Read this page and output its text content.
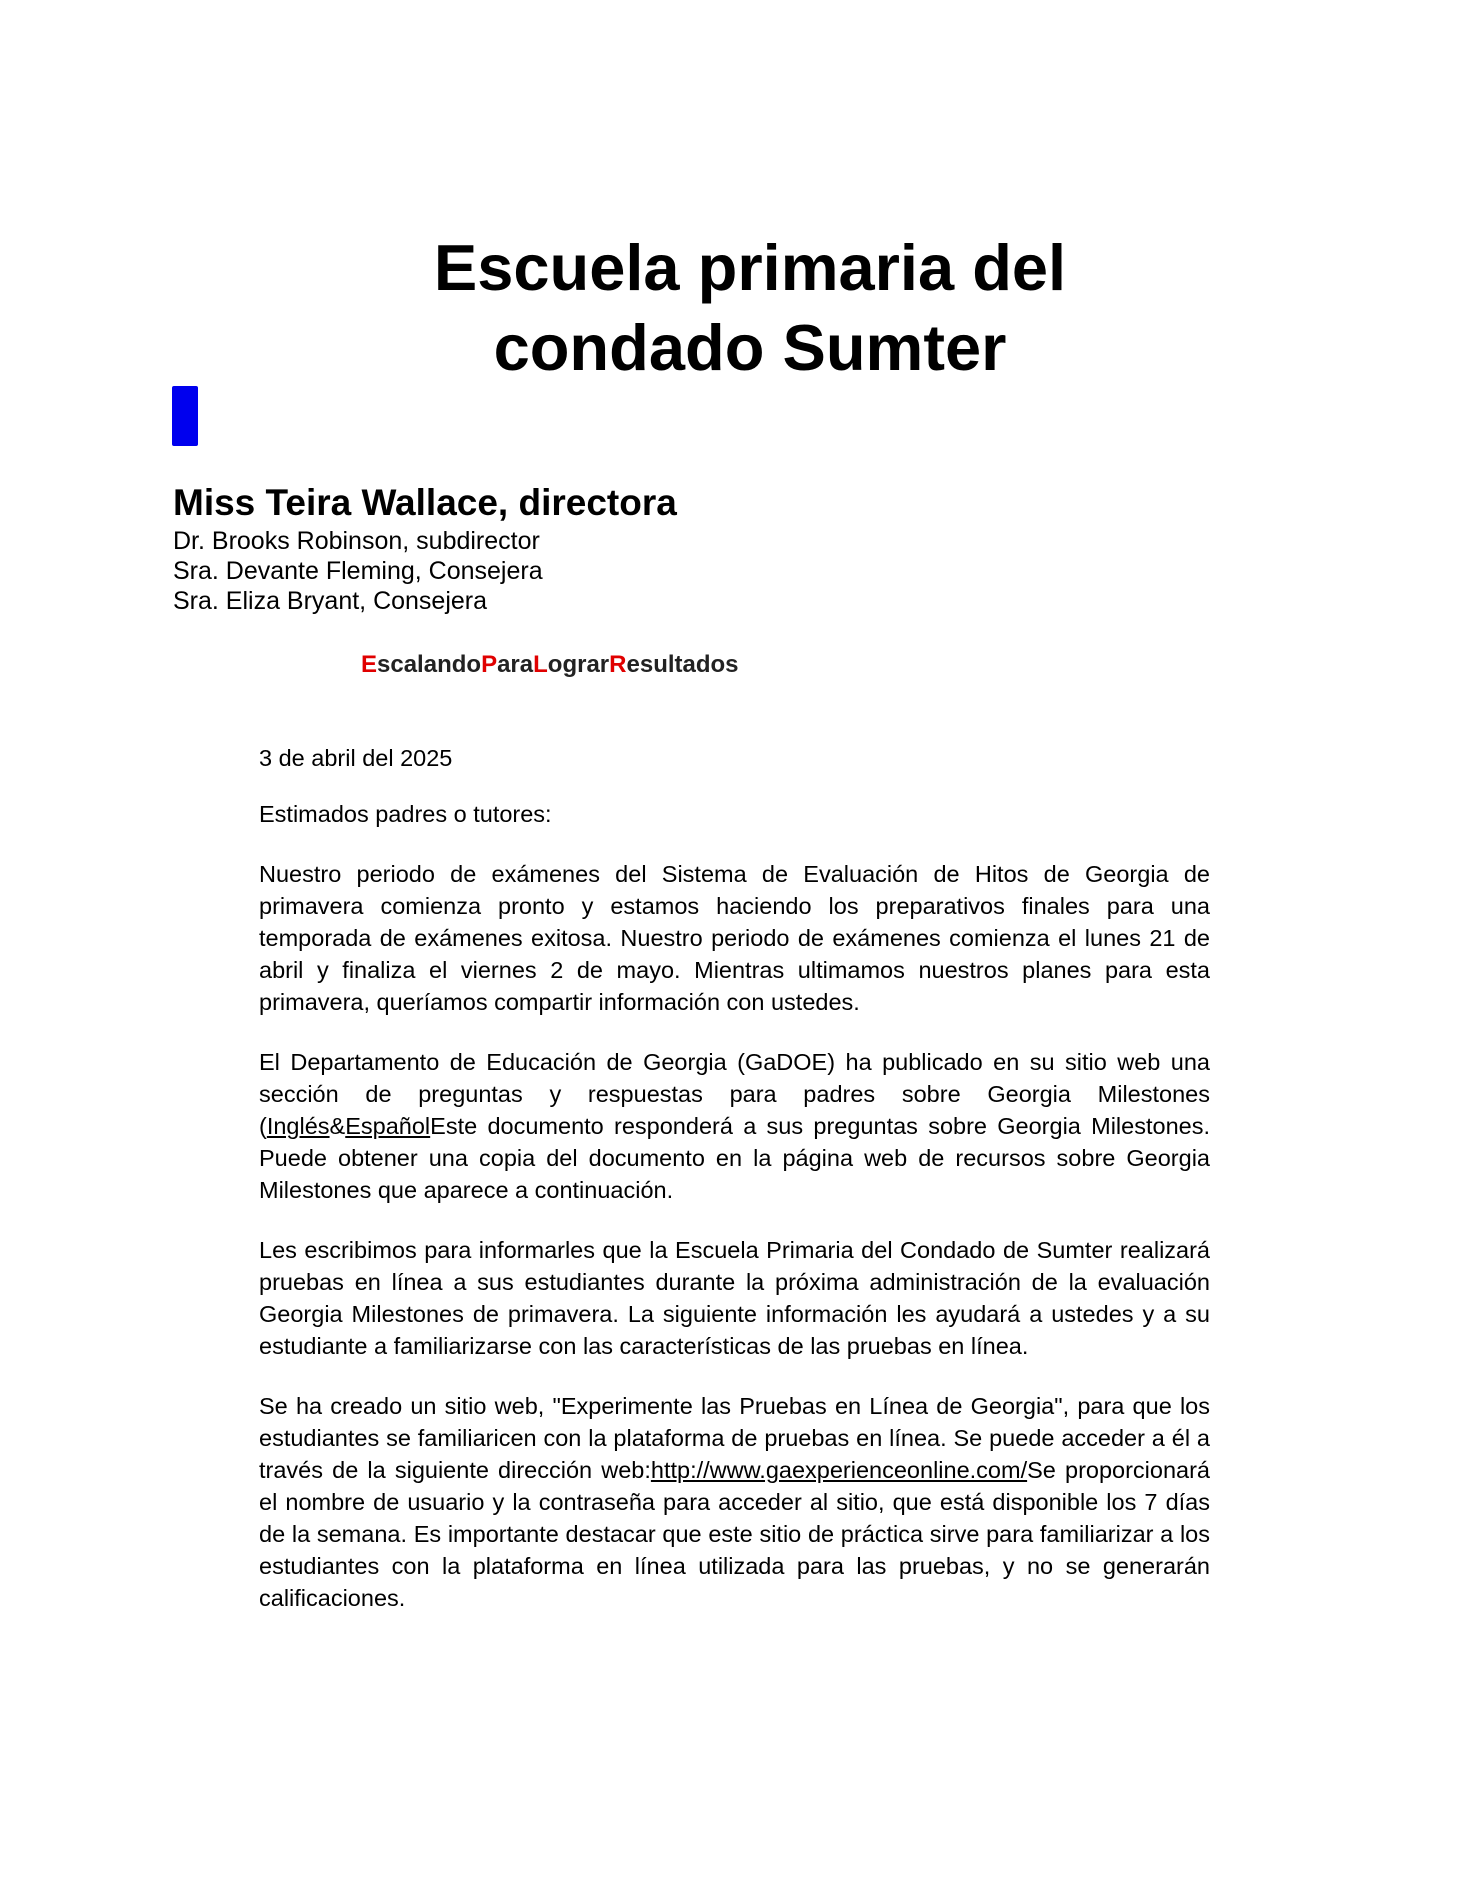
Escuela primaria del
condado Sumter

Miss Teira Wallace, directora

Dr. Brooks Robinson, subdirector

Sra. Devante Fleming, Consejera

Sra. Eliza Bryant, Consejera

EscalandoParaLograrResultados

3 de abril del 2025

Estimados padres o tutores:

Nuestro periodo de exámenes del Sistema de Evaluación de Hitos de Georgia de primavera comienza pronto y estamos haciendo los preparativos finales para una temporada de exámenes exitosa. Nuestro periodo de exámenes comienza el lunes 21 de abril y finaliza el viernes 2 de mayo. Mientras ultimamos nuestros planes para esta primavera, queríamos compartir información con ustedes.

El Departamento de Educación de Georgia (GaDOE) ha publicado en su sitio web una sección de preguntas y respuestas para padres sobre Georgia Milestones (Inglés&EspañolEste documento responderá a sus preguntas sobre Georgia Milestones. Puede obtener una copia del documento en la página web de recursos sobre Georgia Milestones que aparece a continuación.

Les escribimos para informarles que la Escuela Primaria del Condado de Sumter realizará pruebas en línea a sus estudiantes durante la próxima administración de la evaluación Georgia Milestones de primavera. La siguiente información les ayudará a ustedes y a su estudiante a familiarizarse con las características de las pruebas en línea.

Se ha creado un sitio web, "Experimente las Pruebas en Línea de Georgia", para que los estudiantes se familiaricen con la plataforma de pruebas en línea. Se puede acceder a él a través de la siguiente dirección web:http://www.gaexperienceonline.com/Se proporcionará el nombre de usuario y la contraseña para acceder al sitio, que está disponible los 7 días de la semana. Es importante destacar que este sitio de práctica sirve para familiarizar a los estudiantes con la plataforma en línea utilizada para las pruebas, y no se generarán calificaciones.
